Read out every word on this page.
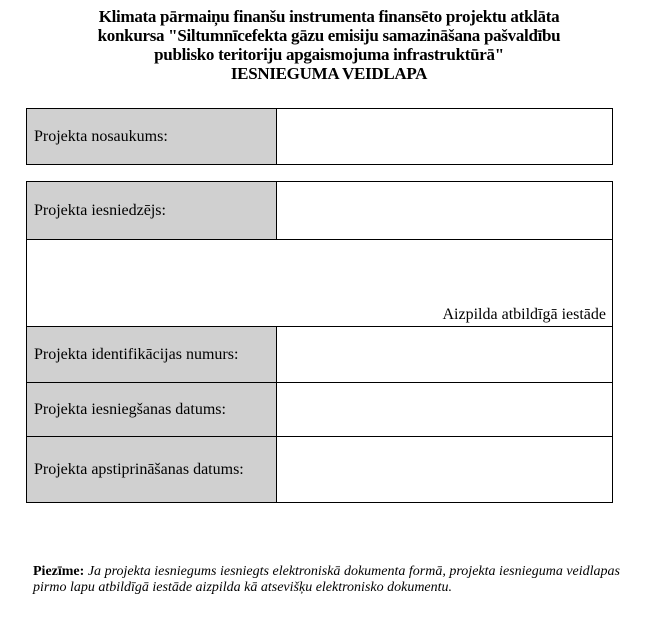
Klimata pārmaiņu finanšu instrumenta finansēto projektu atklāta
konkursa "Siltumnīcefekta gāzu emisiju samazināšana pašvaldību
publisko teritoriju apgaismojuma infrastruktūrā"
IESNIEGUMA VEIDLAPA
Projekta nosaukums:
Projekta iesniedzējs:
Aizpilda atbildīgā iestāde
Projekta identifikācijas numurs:
Projekta iesniegšanas datums:
Projekta apstiprināšanas datums:
Piezīme: Ja projekta iesniegums iesniegts elektroniskā dokumenta formā, projekta iesnieguma veidlapas pirmo lapu atbildīgā iestāde aizpilda kā atsevišķu elektronisko dokumentu.
